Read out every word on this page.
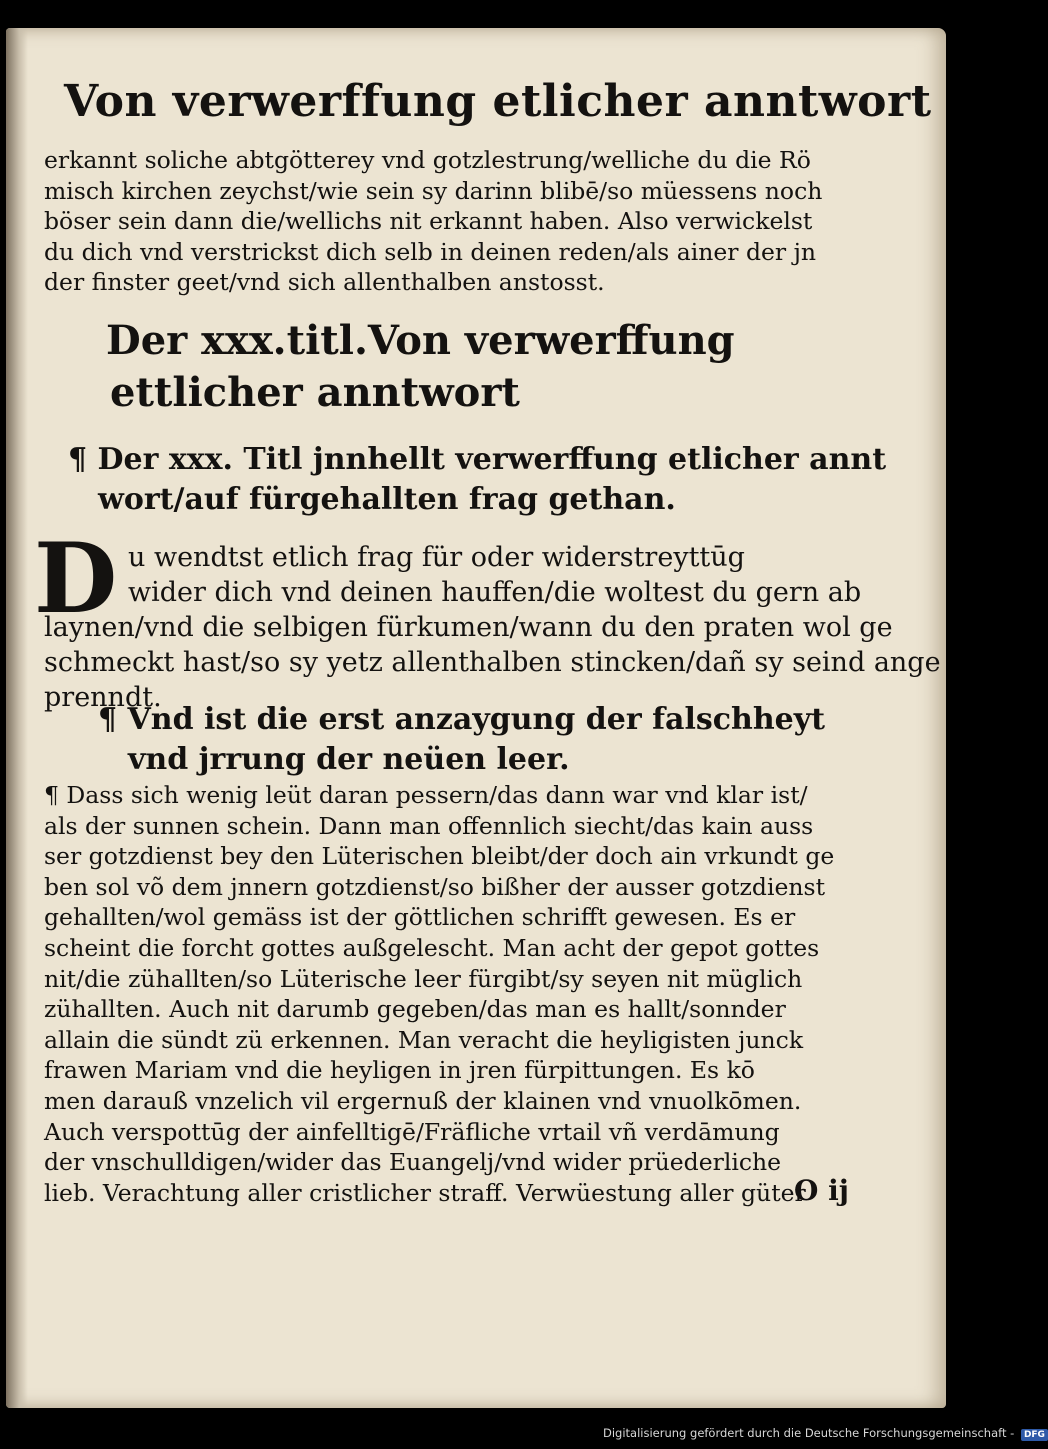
Von verwerffung etlicher anntwort
erkannt soliche abtgötterey vnd gotzlestrung/welliche du die Rö
misch kirchen zeychst/wie sein sy darinn blibē/so müessens noch
böser sein dann die/wellichs nit erkannt haben. Also verwickelst
du dich vnd verstrickst dich selb in deinen reden/als ainer der jn
der finster geet/vnd sich allenthalben anstosst.
Der xxx.titl.Von verwerffung
ettlicher anntwort
¶ Der xxx. Titl jnnhellt verwerffung etlicher annt
wort/auf fürgehallten frag gethan.
D u wendtst etlich frag für oder widerstreyttūg
wider dich vnd deinen hauffen/die woltest du gern ab
laynen/vnd die selbigen fürkumen/wann du den praten wol ge
schmeckt hast/so sy yetz allenthalben stincken/dañ sy seind ange
prenndt.
¶ Vnd ist die erst anzaygung der falschheyt
vnd jrrung der neüen leer.
¶ Dass sich wenig leüt daran pessern/das dann war vnd klar ist/
als der sunnen schein. Dann man offennlich siecht/das kain auss
ser gotzdienst bey den Lüterischen bleibt/der doch ain vrkundt ge
ben sol võ dem jnnern gotzdienst/so bißher der ausser gotzdienst
gehallten/wol gemäss ist der göttlichen schrifft gewesen. Es er
scheint die forcht gottes außgelescht. Man acht der gepot gottes
nit/die zühallten/so Lüterische leer fürgibt/sy seyen nit müglich
zühallten. Auch nit darumb gegeben/das man es hallt/sonnder
allain die sündt zü erkennen. Man veracht die heyligisten junck
frawen Mariam vnd die heyligen in jren fürpittungen. Es kō
men darauß vnzelich vil ergernuß der klainen vnd vnuolkōmen.
Auch verspottūg der ainfelltigē/Fräfliche vrtail vñ verdāmung
der vnschulldigen/wider das Euangelj/vnd wider prüederliche
lieb. Verachtung aller cristlicher straff. Verwüestung aller güter
O ij
Digitalisierung gefördert durch die Deutsche Forschungsgemeinschaft - DFG
